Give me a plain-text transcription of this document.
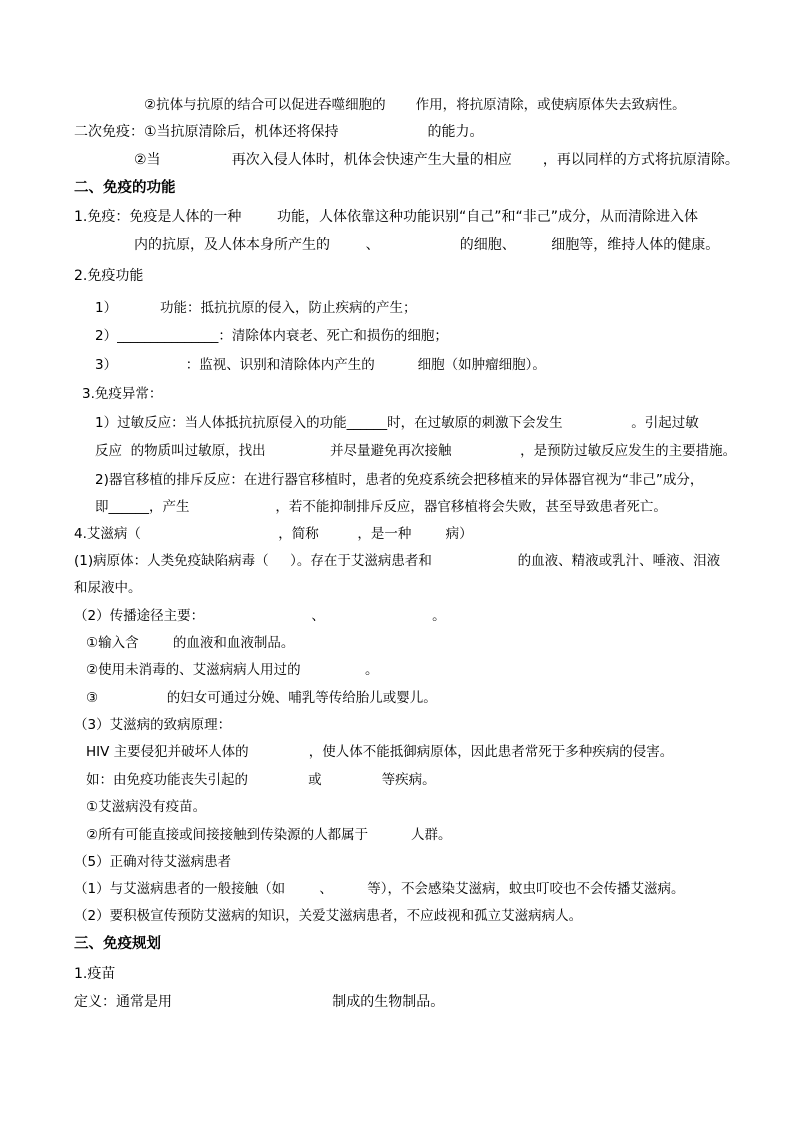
②抗体与抗原的结合可以促进吞噬细胞的       作用，将抗原清除，或使病原体失去致病性。
二次免疫：①当抗原清除后，机体还将保持                    的能力。
②当                再次入侵人体时，机体会快速产生大量的相应       ，再以同样的方式将抗原清除。
二、免疫的功能
1.免疫：免疫是人体的一种        功能，人体依靠这种功能识别“自己”和“非己”成分，从而清除进入体
内的抗原，及人体本身所产生的        、                  的细胞、        细胞等，维持人体的健康。
2.免疫功能
1）          功能：抵抗抗原的侵入，防止疾病的产生；
2）_______________：清除体内衰老、死亡和损伤的细胞；
3）                ：监视、识别和清除体内产生的          细胞（如肿瘤细胞）。
3.免疫异常：
1）过敏反应：当人体抵抗抗原侵入的功能______时，在过敏原的刺激下会发生                。引起过敏
反应  的物质叫过敏原，找出               并尽量避免再次接触                ，是预防过敏反应发生的主要措施。
2)器官移植的排斥反应：在进行器官移植时，患者的免疫系统会把移植来的异体器官视为“非己”成分，
即______，产生                    ，若不能抑制排斥反应，器官移植将会失败，甚至导致患者死亡。
4.艾滋病（                                ，简称         ，是一种        病）
(1)病原体：人类免疫缺陷病毒（     ）。存在于艾滋病患者和                    的血液、精液或乳汁、唾液、泪液
和尿液中。
（2）传播途径主要：                         、                         。
①输入含        的血液和血液制品。
②使用未消毒的、艾滋病病人用过的               。
③                的妇女可通过分娩、哺乳等传给胎儿或婴儿。
（3）艾滋病的致病原理：
HIV 主要侵犯并破坏人体的              ，使人体不能抵御病原体，因此患者常死于多种疾病的侵害。
如：由免疫功能丧失引起的              或              等疾病。
①艾滋病没有疫苗。
②所有可能直接或间接接触到传染源的人都属于          人群。
（5）正确对待艾滋病患者
（1）与艾滋病患者的一般接触（如        、        等），不会感染艾滋病，蚊虫叮咬也不会传播艾滋病。
（2）要积极宣传预防艾滋病的知识，关爱艾滋病患者，不应歧视和孤立艾滋病病人。
三、免疫规划
1.疫苗
定义：通常是用                                    制成的生物制品。
